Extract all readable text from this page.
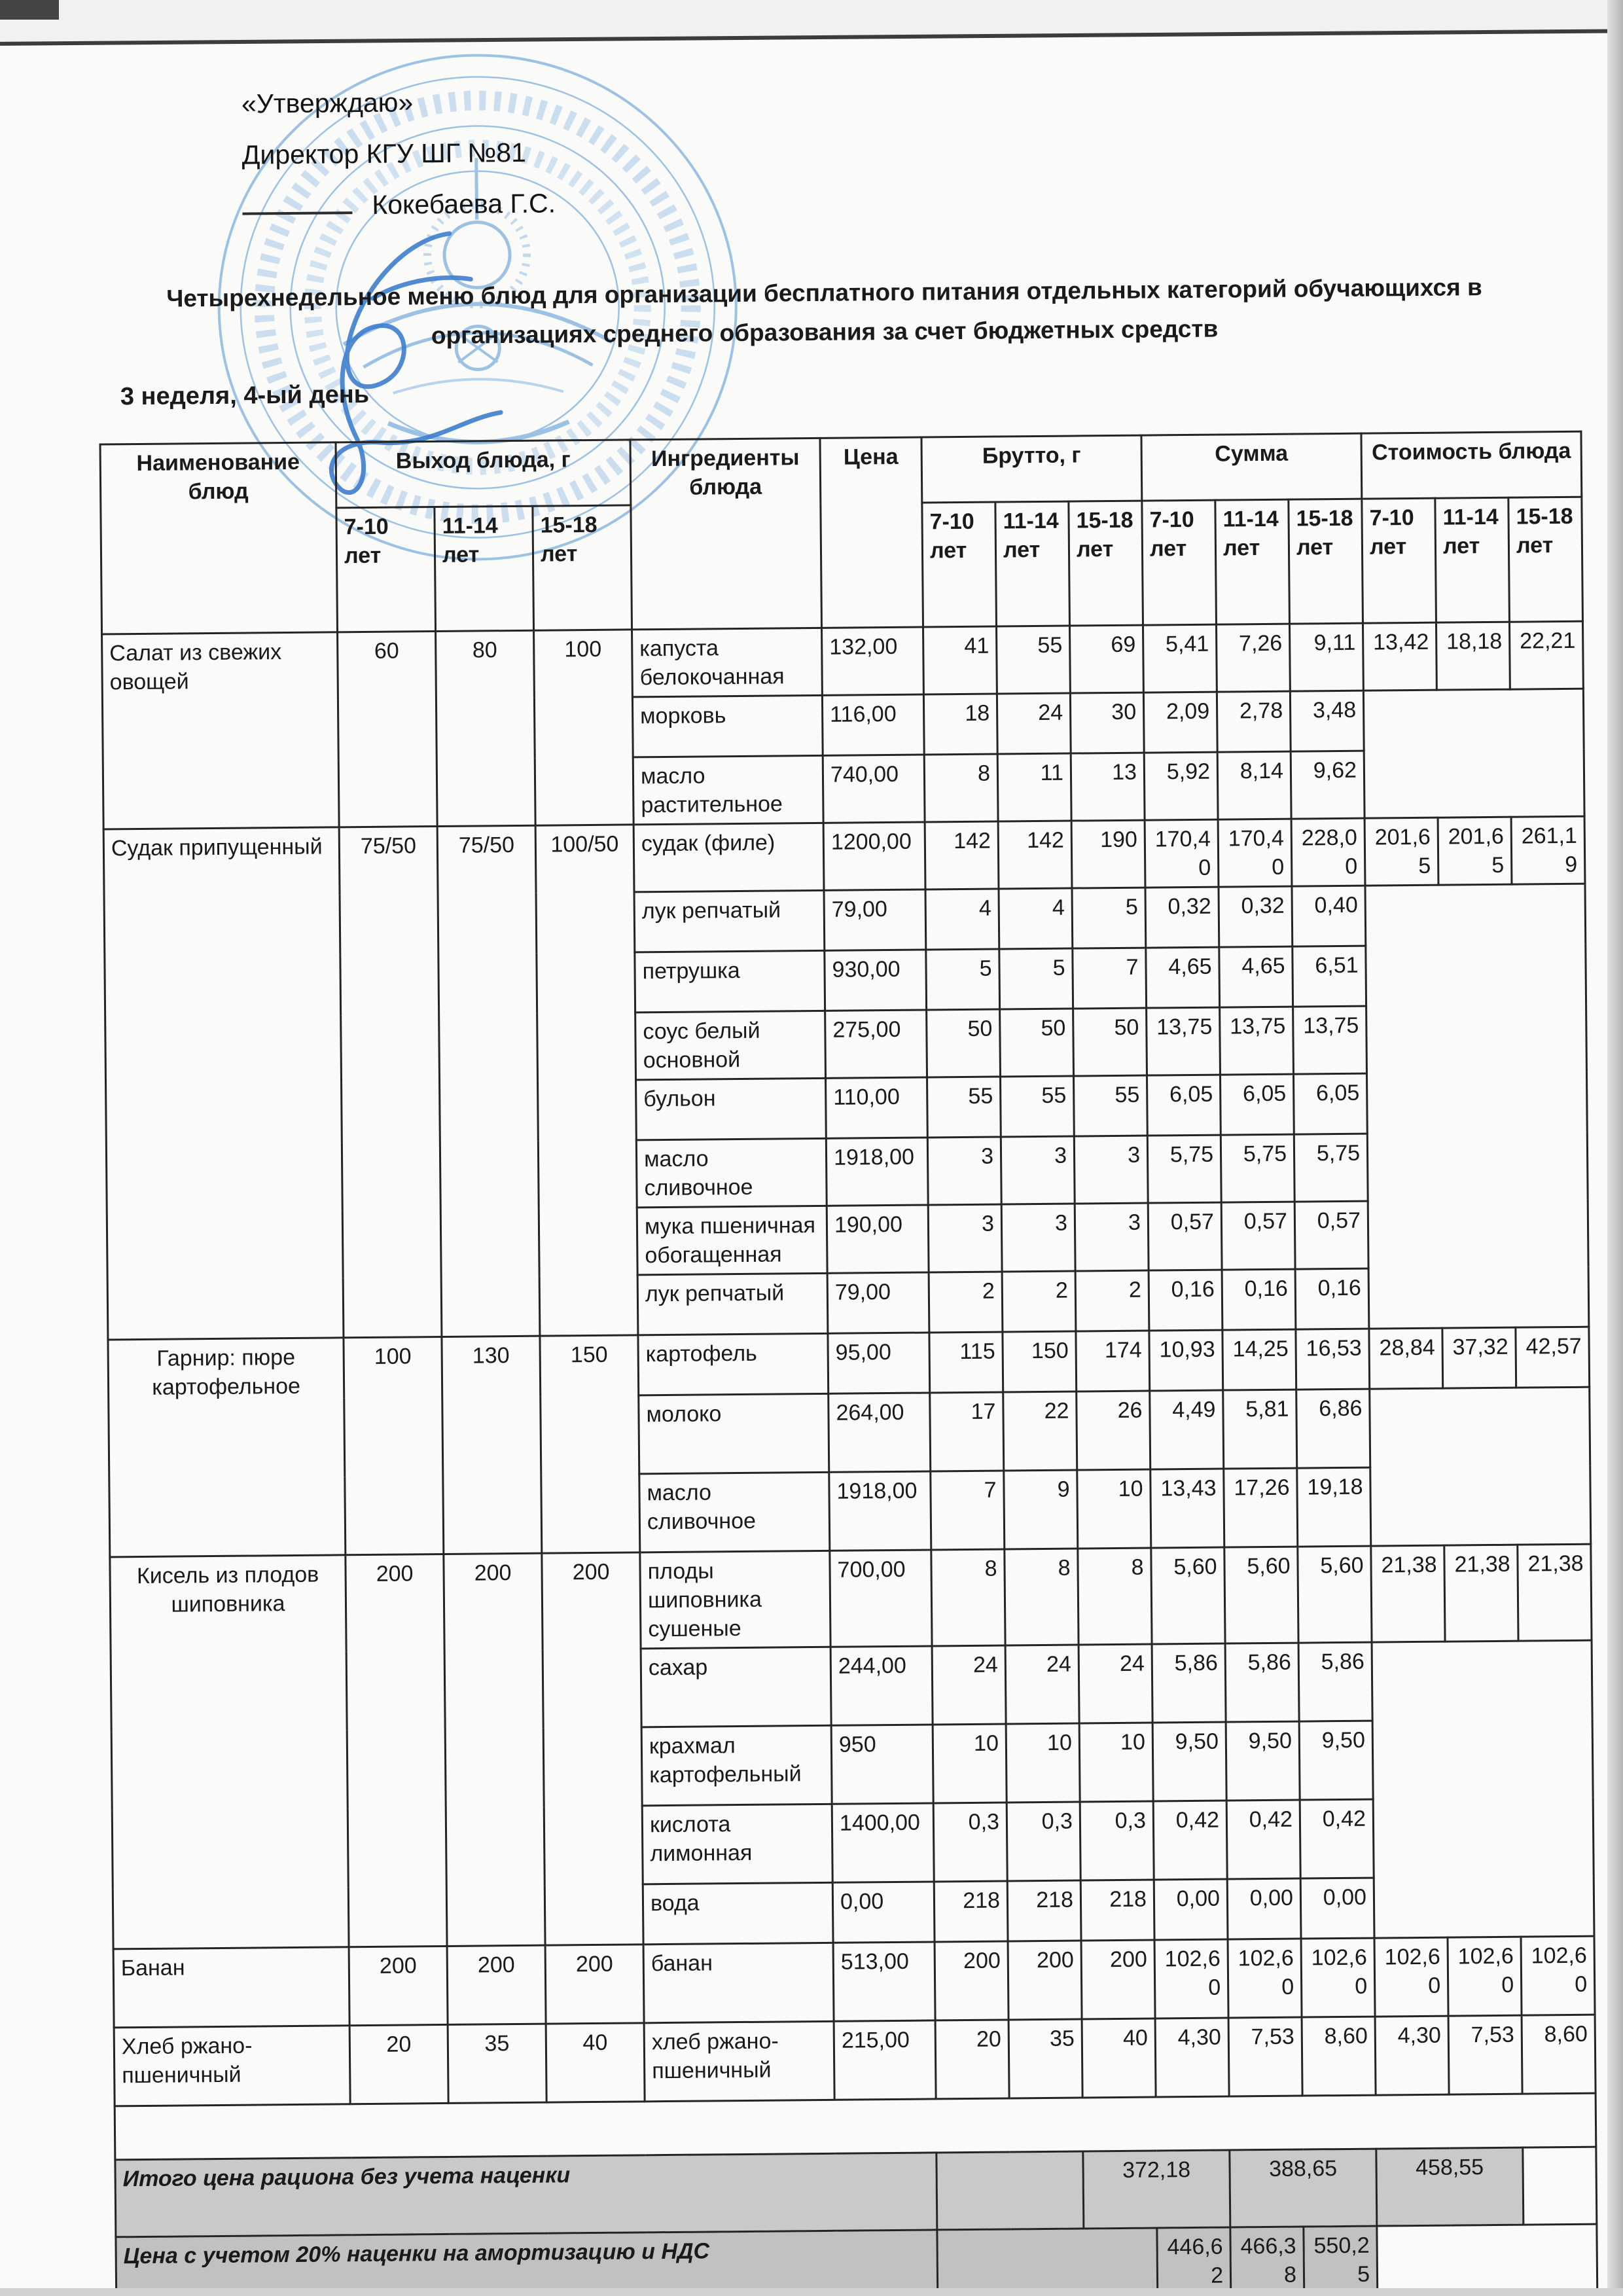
«Утверждаю»
Директор КГУ ШГ №81
Кокебаева Г.С.
Четырехнедельное меню блюд для организации бесплатного питания отдельных категорий обучающихся в
организациях среднего образования за счет бюджетных средств
3 неделя, 4-ый день
Наименование блюд	Выход блюда, г			Ингредиенты блюда	Цена	Брутто, г			Сумма			Стоимость блюда		
	7-10 лет	11-14 лет	15-18 лет			7-10 лет	11-14 лет	15-18 лет	7-10 лет	11-14 лет	15-18 лет	7-10 лет	11-14 лет	15-18 лет
Салат из свежих овощей	60	80	100	капуста белокочанная	132,00	41	55	69	5,41	7,26	9,11	13,42	18,18	22,21
				морковь	116,00	18	24	30	2,09	2,78	3,48			
				масло растительное	740,00	8	11	13	5,92	8,14	9,62			
Судак припущенный	75/50	75/50	100/50	судак (филе)	1200,00	142	142	190	170,40	170,40	228,00	201,65	201,65	261,19
				лук репчатый	79,00	4	4	5	0,32	0,32	0,40			
				петрушка	930,00	5	5	7	4,65	4,65	6,51			
				соус белый основной	275,00	50	50	50	13,75	13,75	13,75			
				бульон	110,00	55	55	55	6,05	6,05	6,05			
				масло сливочное	1918,00	3	3	3	5,75	5,75	5,75			
				мука пшеничная обогащенная	190,00	3	3	3	0,57	0,57	0,57			
				лук репчатый	79,00	2	2	2	0,16	0,16	0,16			
Гарнир: пюре картофельное	100	130	150	картофель	95,00	115	150	174	10,93	14,25	16,53	28,84	37,32	42,57
				молоко	264,00	17	22	26	4,49	5,81	6,86			
				масло сливочное	1918,00	7	9	10	13,43	17,26	19,18			
Кисель из плодов шиповника	200	200	200	плоды шиповника сушеные	700,00	8	8	8	5,60	5,60	5,60	21,38	21,38	21,38
				сахар	244,00	24	24	24	5,86	5,86	5,86			
				крахмал картофельный	950	10	10	10	9,50	9,50	9,50			
				кислота лимонная	1400,00	0,3	0,3	0,3	0,42	0,42	0,42			
				вода	0,00	218	218	218	0,00	0,00	0,00			
Банан	200	200	200	банан	513,00	200	200	200	102,60	102,60	102,60	102,60	102,60	102,60
Хлеб ржано-пшеничный	20	35	40	хлеб ржано-пшеничный	215,00	20	35	40	4,30	7,53	8,60	4,30	7,53	8,60

Итого цена рациона без учета наценки								372,18		388,65		458,55		
Цена с учетом 20% наценки на амортизацию и НДС									446,62	466,38	550,25			
